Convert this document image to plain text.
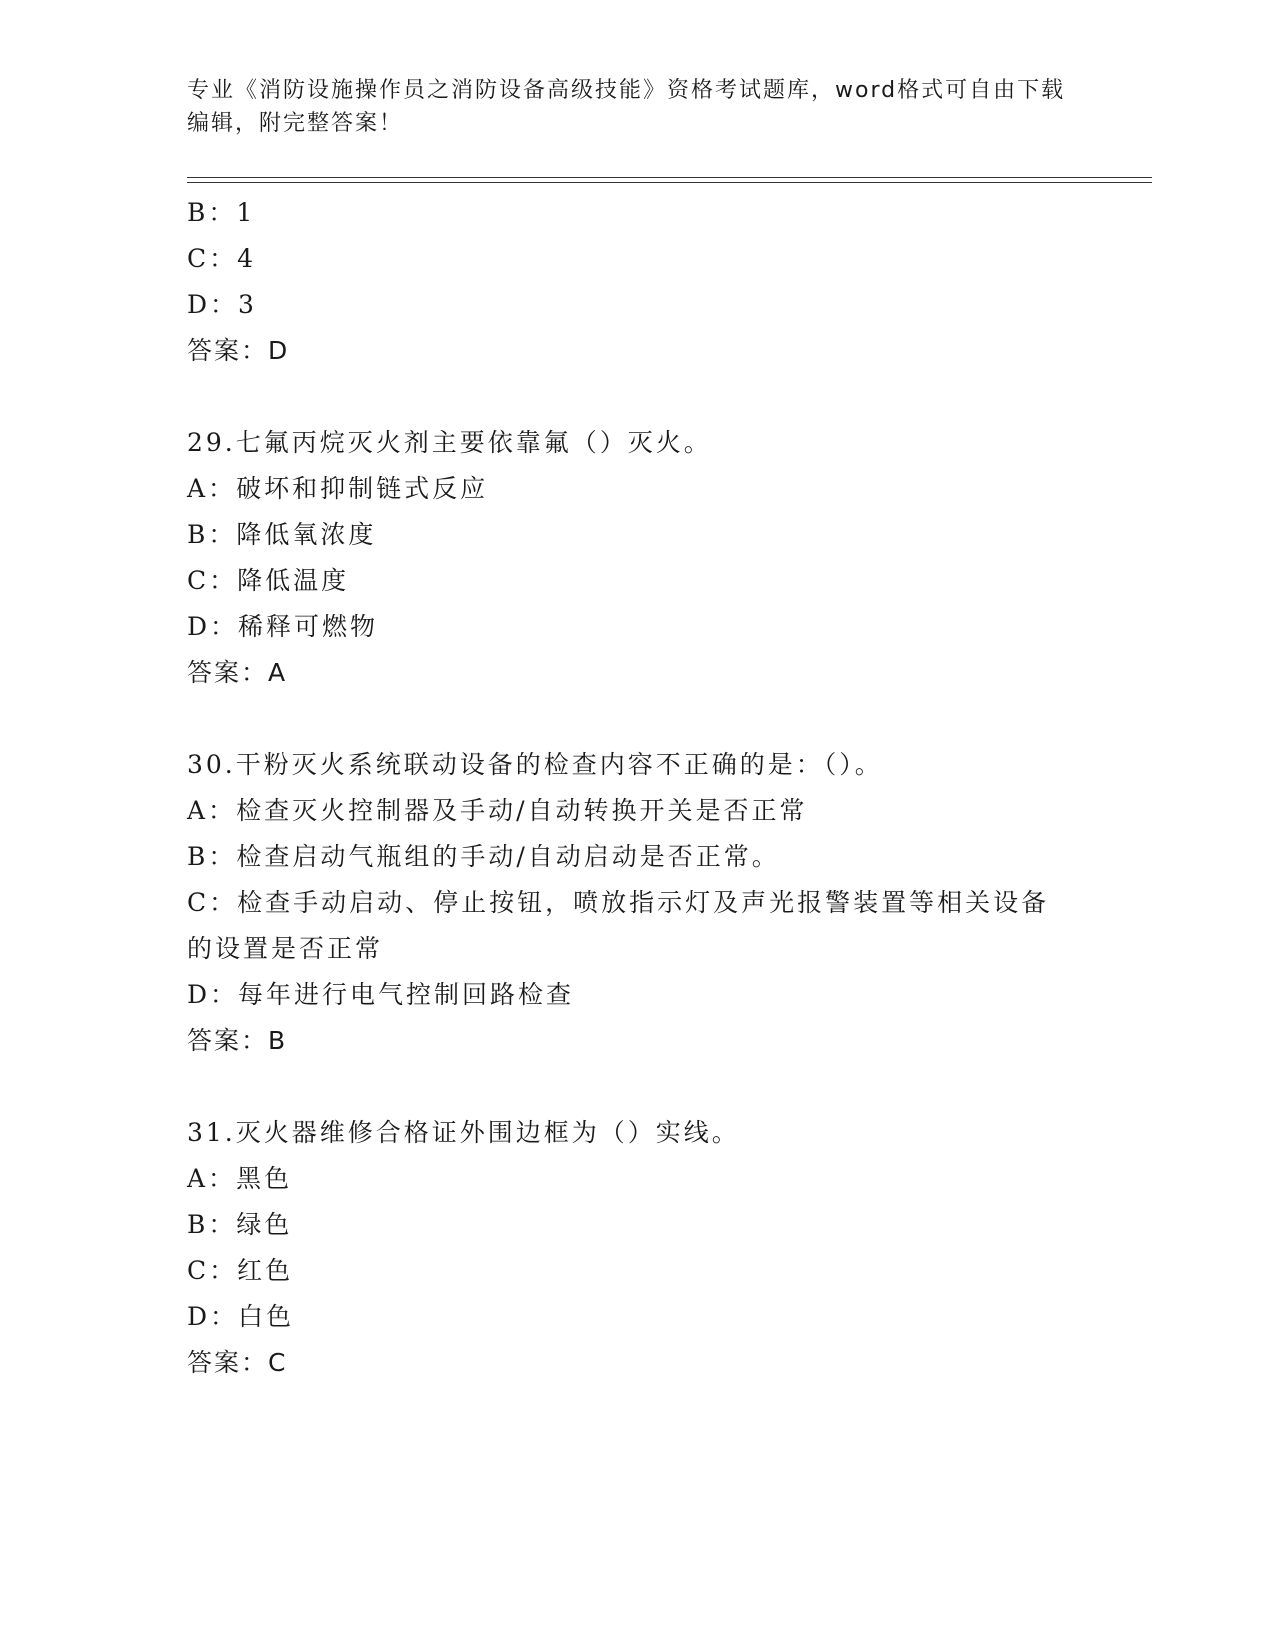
专业《消防设施操作员之消防设备高级技能》资格考试题库，word格式可自由下载编辑，附完整答案！
B：1
C：4
D：3
答案：D
29.七氟丙烷灭火剂主要依靠氟（）灭火。
A：破坏和抑制链式反应
B：降低氧浓度
C：降低温度
D：稀释可燃物
答案：A
30.干粉灭火系统联动设备的检查内容不正确的是：（）。
A：检查灭火控制器及手动/自动转换开关是否正常
B：检查启动气瓶组的手动/自动启动是否正常。
C：检查手动启动、停止按钮，喷放指示灯及声光报警装置等相关设备的设置是否正常
D：每年进行电气控制回路检查
答案：B
31.灭火器维修合格证外围边框为（）实线。
A：黑色
B：绿色
C：红色
D：白色
答案：C
